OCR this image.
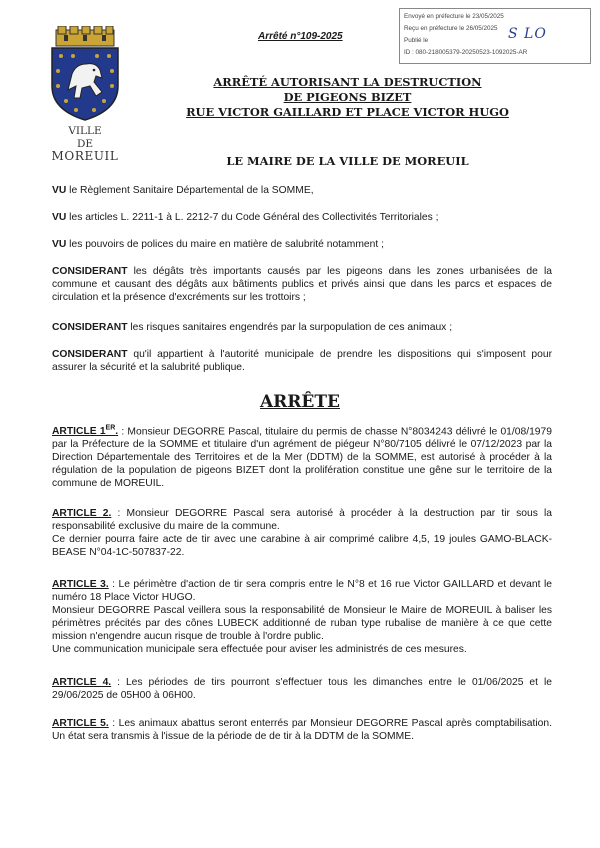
VILLE
DE
MOREUIL
Arrêté n°109-2025
Envoyé en préfecture le 23/05/2025
Reçu en préfecture le 26/05/2025
Publié le
ID : 080-218005379-20250523-1092025-AR
S LO
ARRÊTÉ AUTORISANT LA DESTRUCTION
DE PIGEONS BIZET
RUE VICTOR GAILLARD ET PLACE VICTOR HUGO
LE MAIRE DE LA VILLE DE MOREUIL
VU le Règlement Sanitaire Départemental de la SOMME,
VU les articles L. 2211-1 à L. 2212-7 du Code Général des Collectivités Territoriales ;
VU les pouvoirs de polices du maire en matière de salubrité notamment ;
CONSIDERANT les dégâts très importants causés par les pigeons dans les zones urbanisées de la commune et causant des dégâts aux bâtiments publics et privés ainsi que dans les parcs et espaces de circulation et la présence d'excréments sur les trottoirs ;
CONSIDERANT les risques sanitaires engendrés par la surpopulation de ces animaux ;
CONSIDERANT qu'il appartient à l'autorité municipale de prendre les dispositions qui s'imposent pour assurer la sécurité et la salubrité publique.
ARRÊTE
ARTICLE 1ER. : Monsieur DEGORRE Pascal, titulaire du permis de chasse N°8034243 délivré le 01/08/1979 par la Préfecture de la SOMME et titulaire d'un agrément de piégeur N°80/7105 délivré le 07/12/2023 par la Direction Départementale des Territoires et de la Mer (DDTM) de la SOMME, est autorisé à procéder à la régulation de la population de pigeons BIZET dont la prolifération constitue une gêne sur le territoire de la commune de MOREUIL.
ARTICLE 2. : Monsieur DEGORRE Pascal sera autorisé à procéder à la destruction par tir sous la responsabilité exclusive du maire de la commune.
Ce dernier pourra faire acte de tir avec une carabine à air comprimé calibre 4,5, 19 joules GAMO-BLACK-BEASE N°04-1C-507837-22.
ARTICLE 3. : Le périmètre d'action de tir sera compris entre le N°8 et 16 rue Victor GAILLARD et devant le numéro 18 Place Victor HUGO.
Monsieur DEGORRE Pascal veillera sous la responsabilité de Monsieur le Maire de MOREUIL à baliser les périmètres précités par des cônes LUBECK additionné de ruban type rubalise de manière à ce que cette mission n'engendre aucun risque de trouble à l'ordre public.
Une communication municipale sera effectuée pour aviser les administrés de ces mesures.
ARTICLE 4. : Les périodes de tirs pourront s'effectuer tous les dimanches entre le 01/06/2025 et le 29/06/2025 de 05H00 à 06H00.
ARTICLE 5. : Les animaux abattus seront enterrés par Monsieur DEGORRE Pascal après comptabilisation. Un état sera transmis à l'issue de la période de de tir à la DDTM de la SOMME.
